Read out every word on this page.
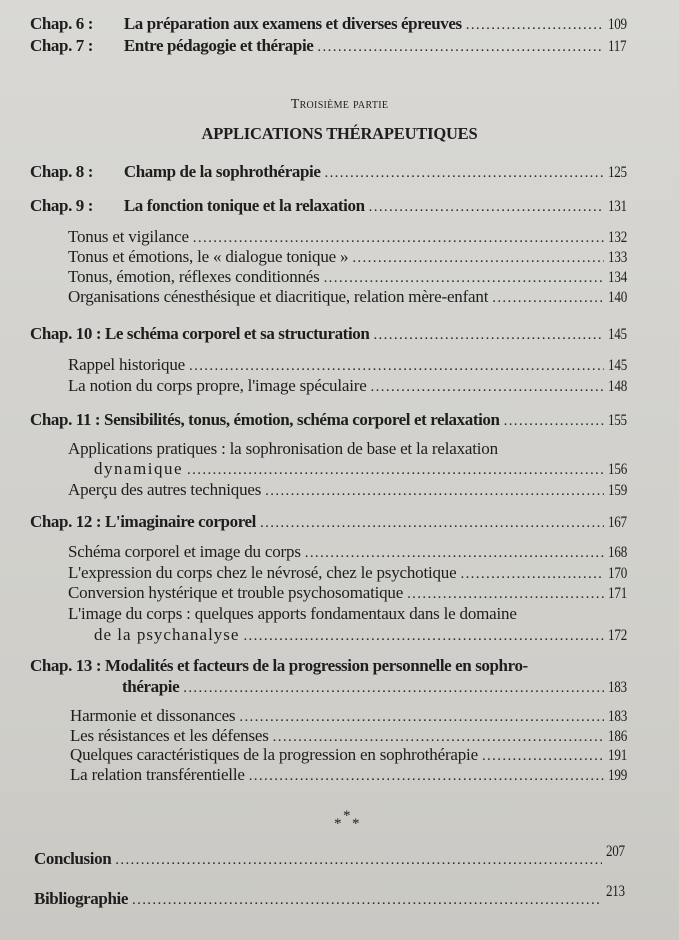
Chap. 6 : La préparation aux examens et diverses épreuves . . .	109
Chap. 7 : Entre pédagogie et thérapie . . .	117
Troisième partie
APPLICATIONS THÉRAPEUTIQUES
Chap. 8 : Champ de la sophrothérapie . . .	125
Chap. 9 : La fonction tonique et la relaxation . . .	131
Tonus et vigilance . . .	132
Tonus et émotions, le « dialogue tonique » . . .	133
Tonus, émotion, réflexes conditionnés . . .	134
Organisations cénesthésique et diacritique, relation mère-enfant . . .	140
Chap. 10 : Le schéma corporel et sa structuration . . .	145
Rappel historique . . .	145
La notion du corps propre, l'image spéculaire . . .	148
Chap. 11 : Sensibilités, tonus, émotion, schéma corporel et relaxation . . .	155
Applications pratiques : la sophronisation de base et la relaxation
dynamique . . .	156
Aperçu des autres techniques . . .	159
Chap. 12 : L'imaginaire corporel . . .	167
Schéma corporel et image du corps . . .	168
L'expression du corps chez le névrosé, chez le psychotique . . .	170
Conversion hystérique et trouble psychosomatique . . .	171
L'image du corps : quelques apports fondamentaux dans le domaine
de la psychanalyse . . .	172
Chap. 13 : Modalités et facteurs de la progression personnelle en sophro-
thérapie . . .	183
Harmonie et dissonances . . .	183
Les résistances et les défenses . . .	186
Quelques caractéristiques de la progression en sophrothérapie . . .	191
La relation transférentielle . . .	199
*
* *
Conclusion
. . .	207
Bibliographie
. . .	213
